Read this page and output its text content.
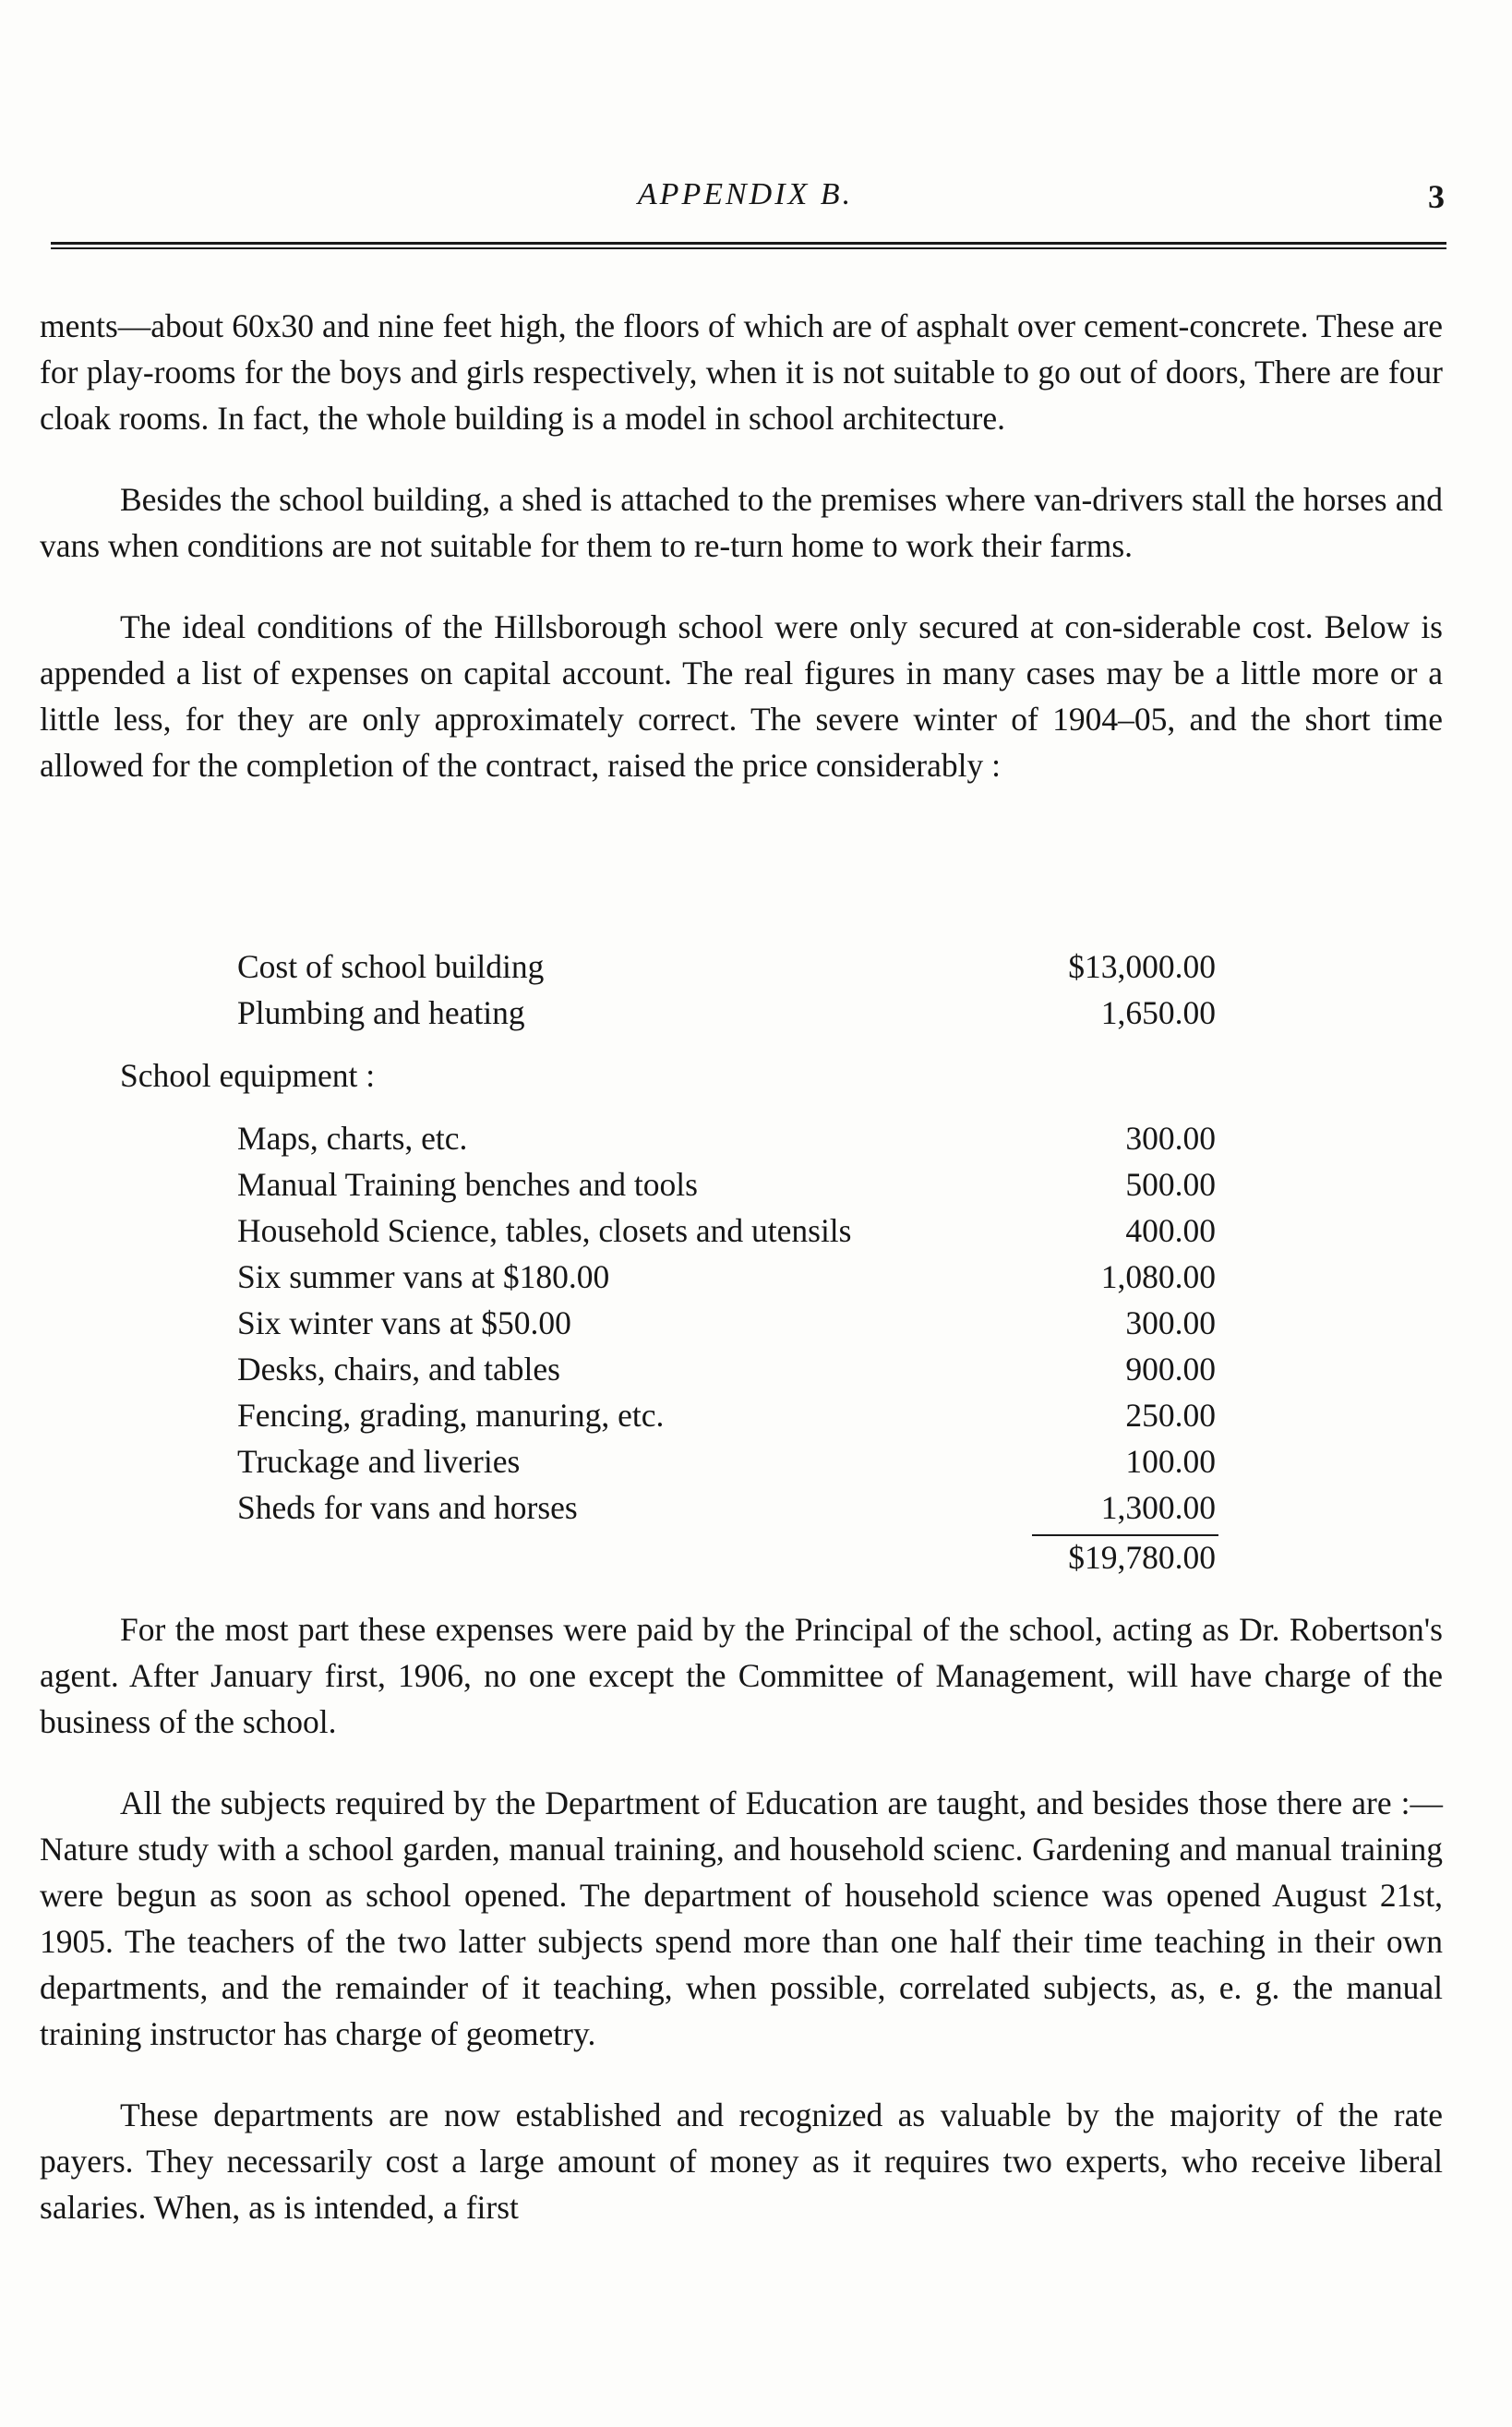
APPENDIX B.	3

ments—about 60x30 and nine feet high, the floors of which are of asphalt over cement-concrete. These are for play-rooms for the boys and girls respectively, when it is not suitable to go out of doors, There are four cloak rooms. In fact, the whole building is a model in school architecture.

Besides the school building, a shed is attached to the premises where van-drivers stall the horses and vans when conditions are not suitable for them to re-turn home to work their farms.

The ideal conditions of the Hillsborough school were only secured at con-siderable cost. Below is appended a list of expenses on capital account. The real figures in many cases may be a little more or a little less, for they are only approximately correct. The severe winter of 1904–05, and the short time allowed for the completion of the contract, raised the price considerably :

Cost of school building	$13,000.00
Plumbing and heating	1,650.00
School equipment :
Maps, charts, etc.	300.00
Manual Training benches and tools	500.00
Household Science, tables, closets and utensils	400.00
Six summer vans at $180.00	1,080.00
Six winter vans at $50.00	300.00
Desks, chairs, and tables	900.00
Fencing, grading, manuring, etc.	250.00
Truckage and liveries	100.00
Sheds for vans and horses	1,300.00
$19,780.00

For the most part these expenses were paid by the Principal of the school, acting as Dr. Robertson's agent. After January first, 1906, no one except the Committee of Management, will have charge of the business of the school.

All the subjects required by the Department of Education are taught, and besides those there are :—Nature study with a school garden, manual training, and household scienc. Gardening and manual training were begun as soon as school opened. The department of household science was opened August 21st, 1905. The teachers of the two latter subjects spend more than one half their time teaching in their own departments, and the remainder of it teaching, when possible, correlated subjects, as, e. g. the manual training instructor has charge of geometry.

These departments are now established and recognized as valuable by the majority of the rate payers. They necessarily cost a large amount of money as it requires two experts, who receive liberal salaries. When, as is intended, a first
